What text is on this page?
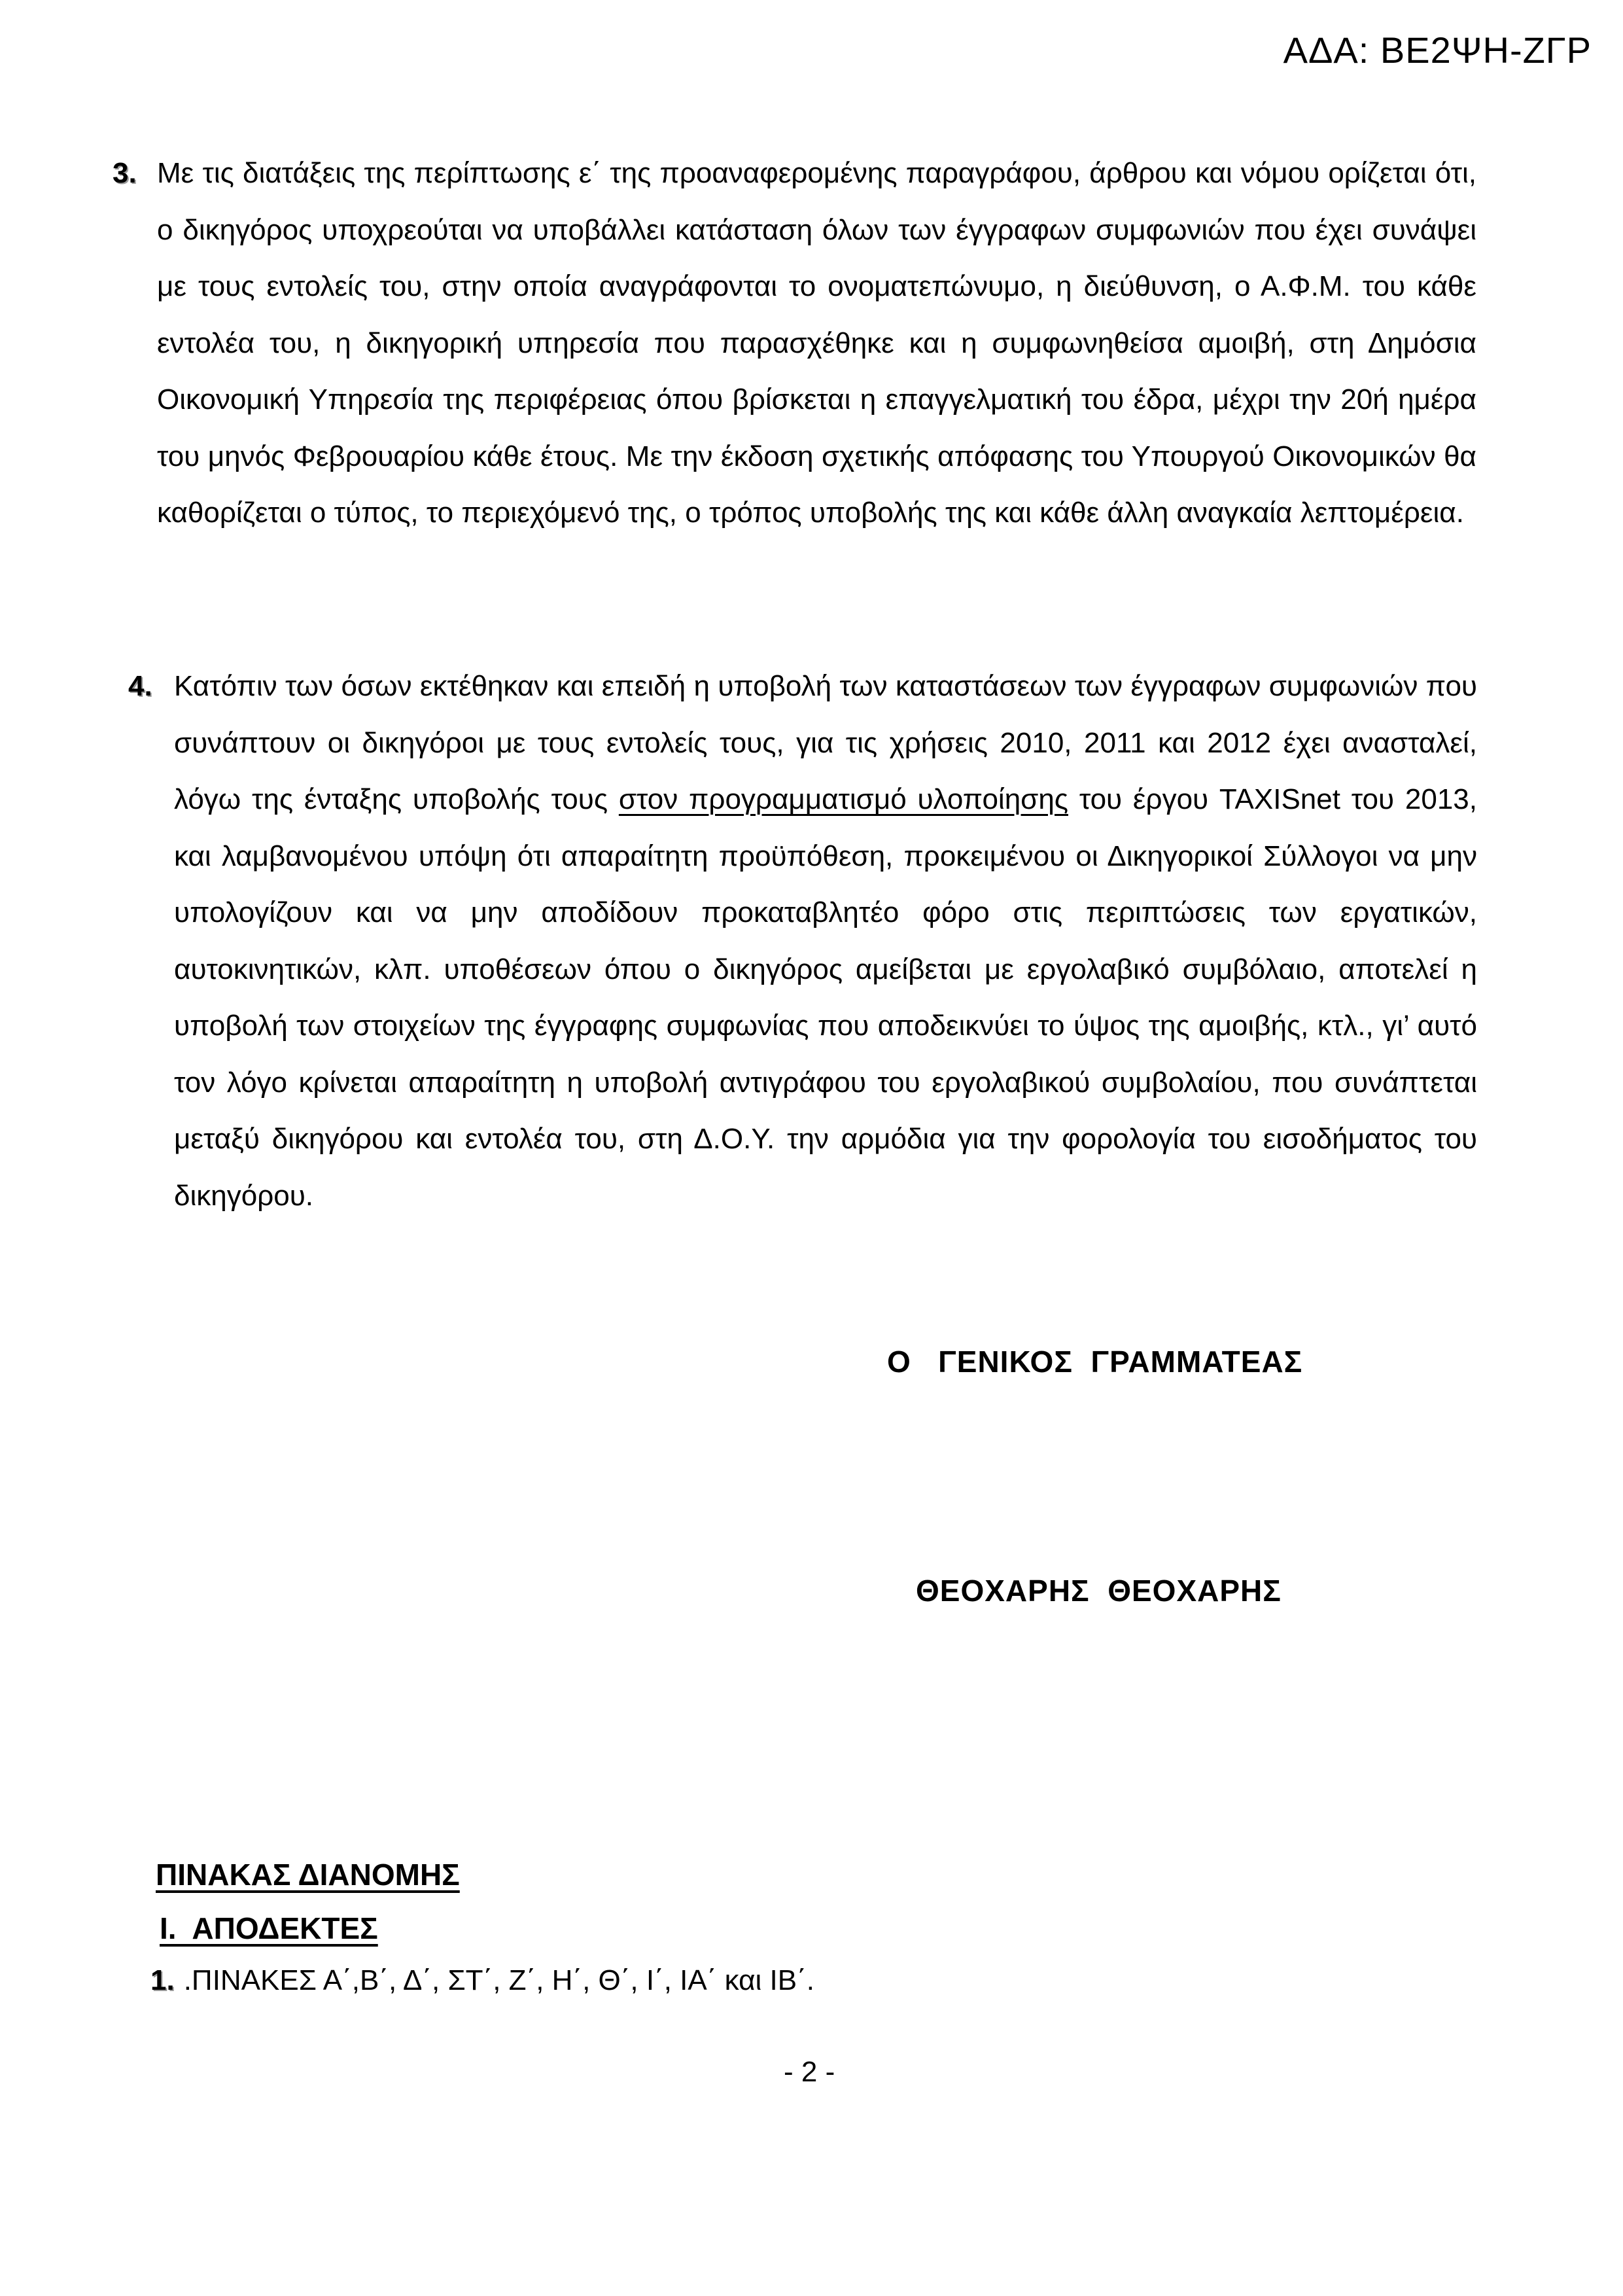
ΑΔΑ: ΒΕ2ΨΗ-ΖΓΡ
3. Με τις διατάξεις της περίπτωσης ε΄ της προαναφερομένης παραγράφου, άρθρου και νόμου ορίζεται ότι, ο δικηγόρος υποχρεούται να υποβάλλει κατάσταση όλων των έγγραφων συμφωνιών που έχει συνάψει με τους εντολείς του, στην οποία αναγράφονται το ονοματεπώνυμο, η διεύθυνση, ο Α.Φ.Μ. του κάθε εντολέα του, η δικηγορική υπηρεσία που παρασχέθηκε και η συμφωνηθείσα αμοιβή, στη Δημόσια Οικονομική Υπηρεσία της περιφέρειας όπου βρίσκεται η επαγγελματική του έδρα, μέχρι την 20ή ημέρα του μηνός Φεβρουαρίου κάθε έτους. Με την έκδοση σχετικής απόφασης του Υπουργού Οικονομικών θα καθορίζεται ο τύπος, το περιεχόμενό της, ο τρόπος υποβολής της και κάθε άλλη αναγκαία λεπτομέρεια.
4. Κατόπιν των όσων εκτέθηκαν και επειδή η υποβολή των καταστάσεων των έγγραφων συμφωνιών που συνάπτουν οι δικηγόροι με τους εντολείς τους, για τις χρήσεις 2010, 2011 και 2012 έχει ανασταλεί, λόγω της ένταξης υποβολής τους στον προγραμματισμό υλοποίησης του έργου TAXISnet του 2013, και λαμβανομένου υπόψη ότι απαραίτητη προϋπόθεση, προκειμένου οι Δικηγορικοί Σύλλογοι να μην υπολογίζουν και να μην αποδίδουν προκαταβλητέο φόρο στις περιπτώσεις των εργατικών, αυτοκινητικών, κλπ. υποθέσεων όπου ο δικηγόρος αμείβεται με εργολαβικό συμβόλαιο, αποτελεί η υποβολή των στοιχείων της έγγραφης συμφωνίας που αποδεικνύει το ύψος της αμοιβής, κτλ., γι’ αυτό τον λόγο κρίνεται απαραίτητη η υποβολή αντιγράφου του εργολαβικού συμβολαίου, που συνάπτεται μεταξύ δικηγόρου και εντολέα του, στη Δ.Ο.Υ. την αρμόδια για την φορολογία του εισοδήματος του δικηγόρου.
Ο   ΓΕΝΙΚΟΣ  ΓΡΑΜΜΑΤΕΑΣ
ΘΕΟΧΑΡΗΣ  ΘΕΟΧΑΡΗΣ
ΠΙΝΑΚΑΣ ΔΙΑΝΟΜΗΣ
Ι.  ΑΠΟΔΕΚΤΕΣ
1. .ΠΙΝΑΚΕΣ Α΄,Β΄, Δ΄, ΣΤ΄, Ζ΄, Η΄, Θ΄, Ι΄, ΙΑ΄ και ΙΒ΄.
- 2 -
